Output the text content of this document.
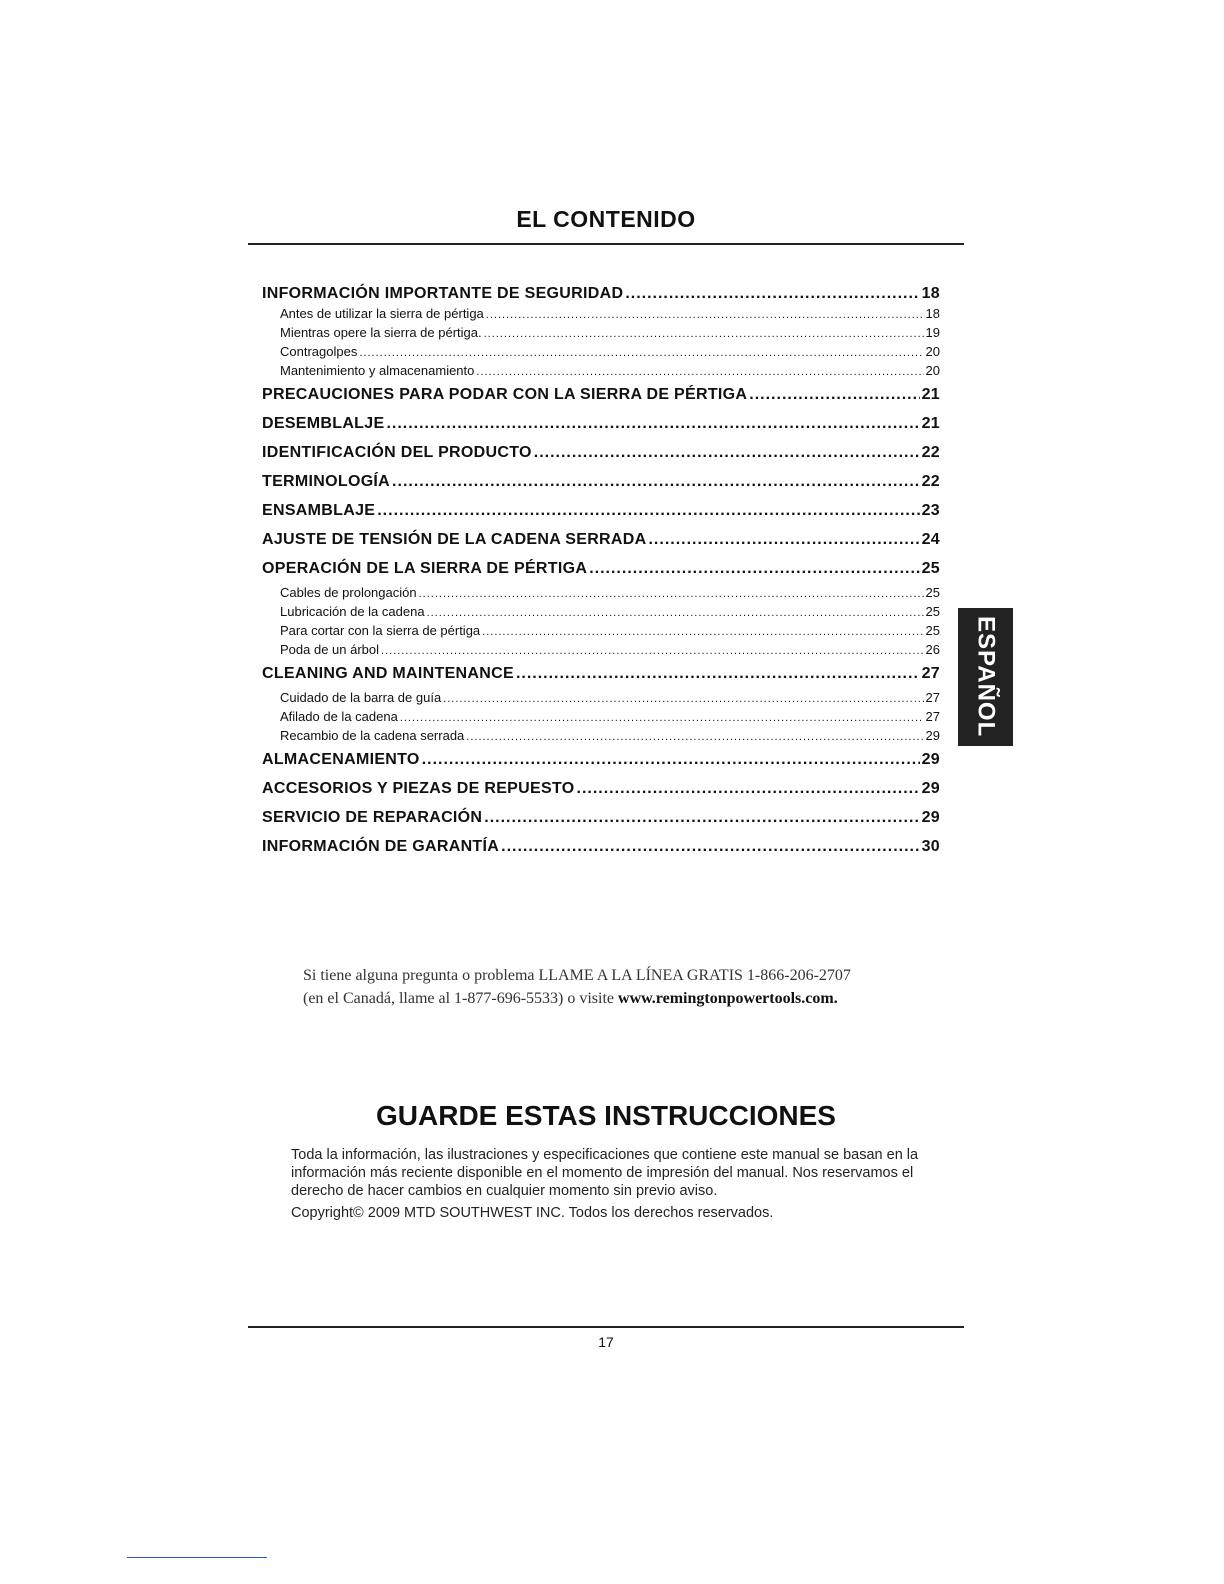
EL CONTENIDO
INFORMACIÓN IMPORTANTE DE SEGURIDAD .....	18
Antes de utilizar la sierra de pértiga .....	18
Mientras opere la sierra de pértiga. .....	19
Contragolpes .....	20
Mantenimiento y almacenamiento .....	20
PRECAUCIONES PARA PODAR CON LA SIERRA DE PÉRTIGA .....	21
DESEMBLALJE .....	21
IDENTIFICACIÓN DEL PRODUCTO .....	22
TERMINOLOGÍA .....	22
ENSAMBLAJE .....	23
AJUSTE DE TENSIÓN DE LA CADENA SERRADA .....	24
OPERACIÓN DE LA SIERRA DE PÉRTIGA .....	25
Cables de prolongación .....	25
Lubricación de la cadena .....	25
Para cortar con la sierra de pértiga .....	25
Poda de un árbol .....	26
CLEANING AND MAINTENANCE .....	27
Cuidado de la barra de guía .....	27
Afilado de la cadena .....	27
Recambio de la cadena serrada .....	29
ALMACENAMIENTO .....	29
ACCESORIOS Y PIEZAS DE REPUESTO .....	29
SERVICIO DE REPARACIÓN .....	29
INFORMACIÓN DE GARANTÍA .....	30
ESPAÑOL
Si tiene alguna pregunta o problema LLAME A LA LÍNEA GRATIS 1-866-206-2707
(en el Canadá, llame al 1-877-696-5533) o visite www.remingtonpowertools.com.
GUARDE ESTAS INSTRUCCIONES
Toda la información, las ilustraciones y especificaciones que contiene este manual se basan en la información más reciente disponible en el momento de impresión del manual. Nos reservamos el derecho de hacer cambios en cualquier momento sin previo aviso.
Copyright© 2009 MTD SOUTHWEST INC. Todos los derechos reservados.
17
